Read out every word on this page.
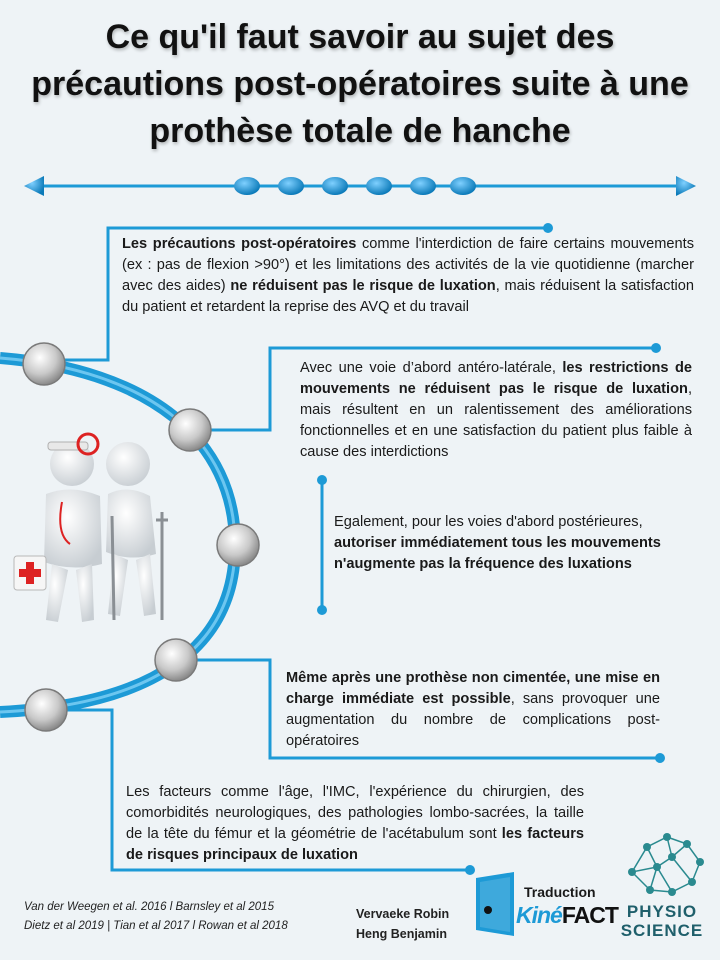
Ce qu'il faut savoir au sujet des précautions post-opératoires suite à une prothèse totale de hanche
Les précautions post-opératoires comme l'interdiction de faire certains mouvements (ex : pas de flexion >90°) et les limitations des activités de la vie quotidienne (marcher avec des aides) ne réduisent pas le risque de luxation, mais réduisent la satisfaction du patient et retardent la reprise des AVQ et du travail
Avec une voie d’abord antéro-latérale, les restrictions de mouvements ne réduisent pas le risque de luxation, mais résultent en un ralentissement des améliorations fonctionnelles et en une satisfaction du patient plus faible à cause des interdictions
Egalement, pour les voies d'abord postérieures, autoriser immédiatement tous les mouvements n'augmente pas la fréquence des luxations
Même après une prothèse non cimentée, une mise en charge immédiate est possible, sans provoquer une augmentation du nombre de complications post-opératoires
Les facteurs comme l'âge, l'IMC, l'expérience du chirurgien, des comorbidités neurologiques, des pathologies lombo-sacrées, la taille de la tête du fémur et la géométrie de l'acétabulum sont les facteurs de risques principaux de luxation
Van der Weegen et al. 2016 l Barnsley et al 2015
Dietz et al 2019 | Tian et al 2017 l Rowan et al 2018
Vervaeke Robin
Heng Benjamin
Traduction
KinéFACT PHYSIO
SCIENCE
